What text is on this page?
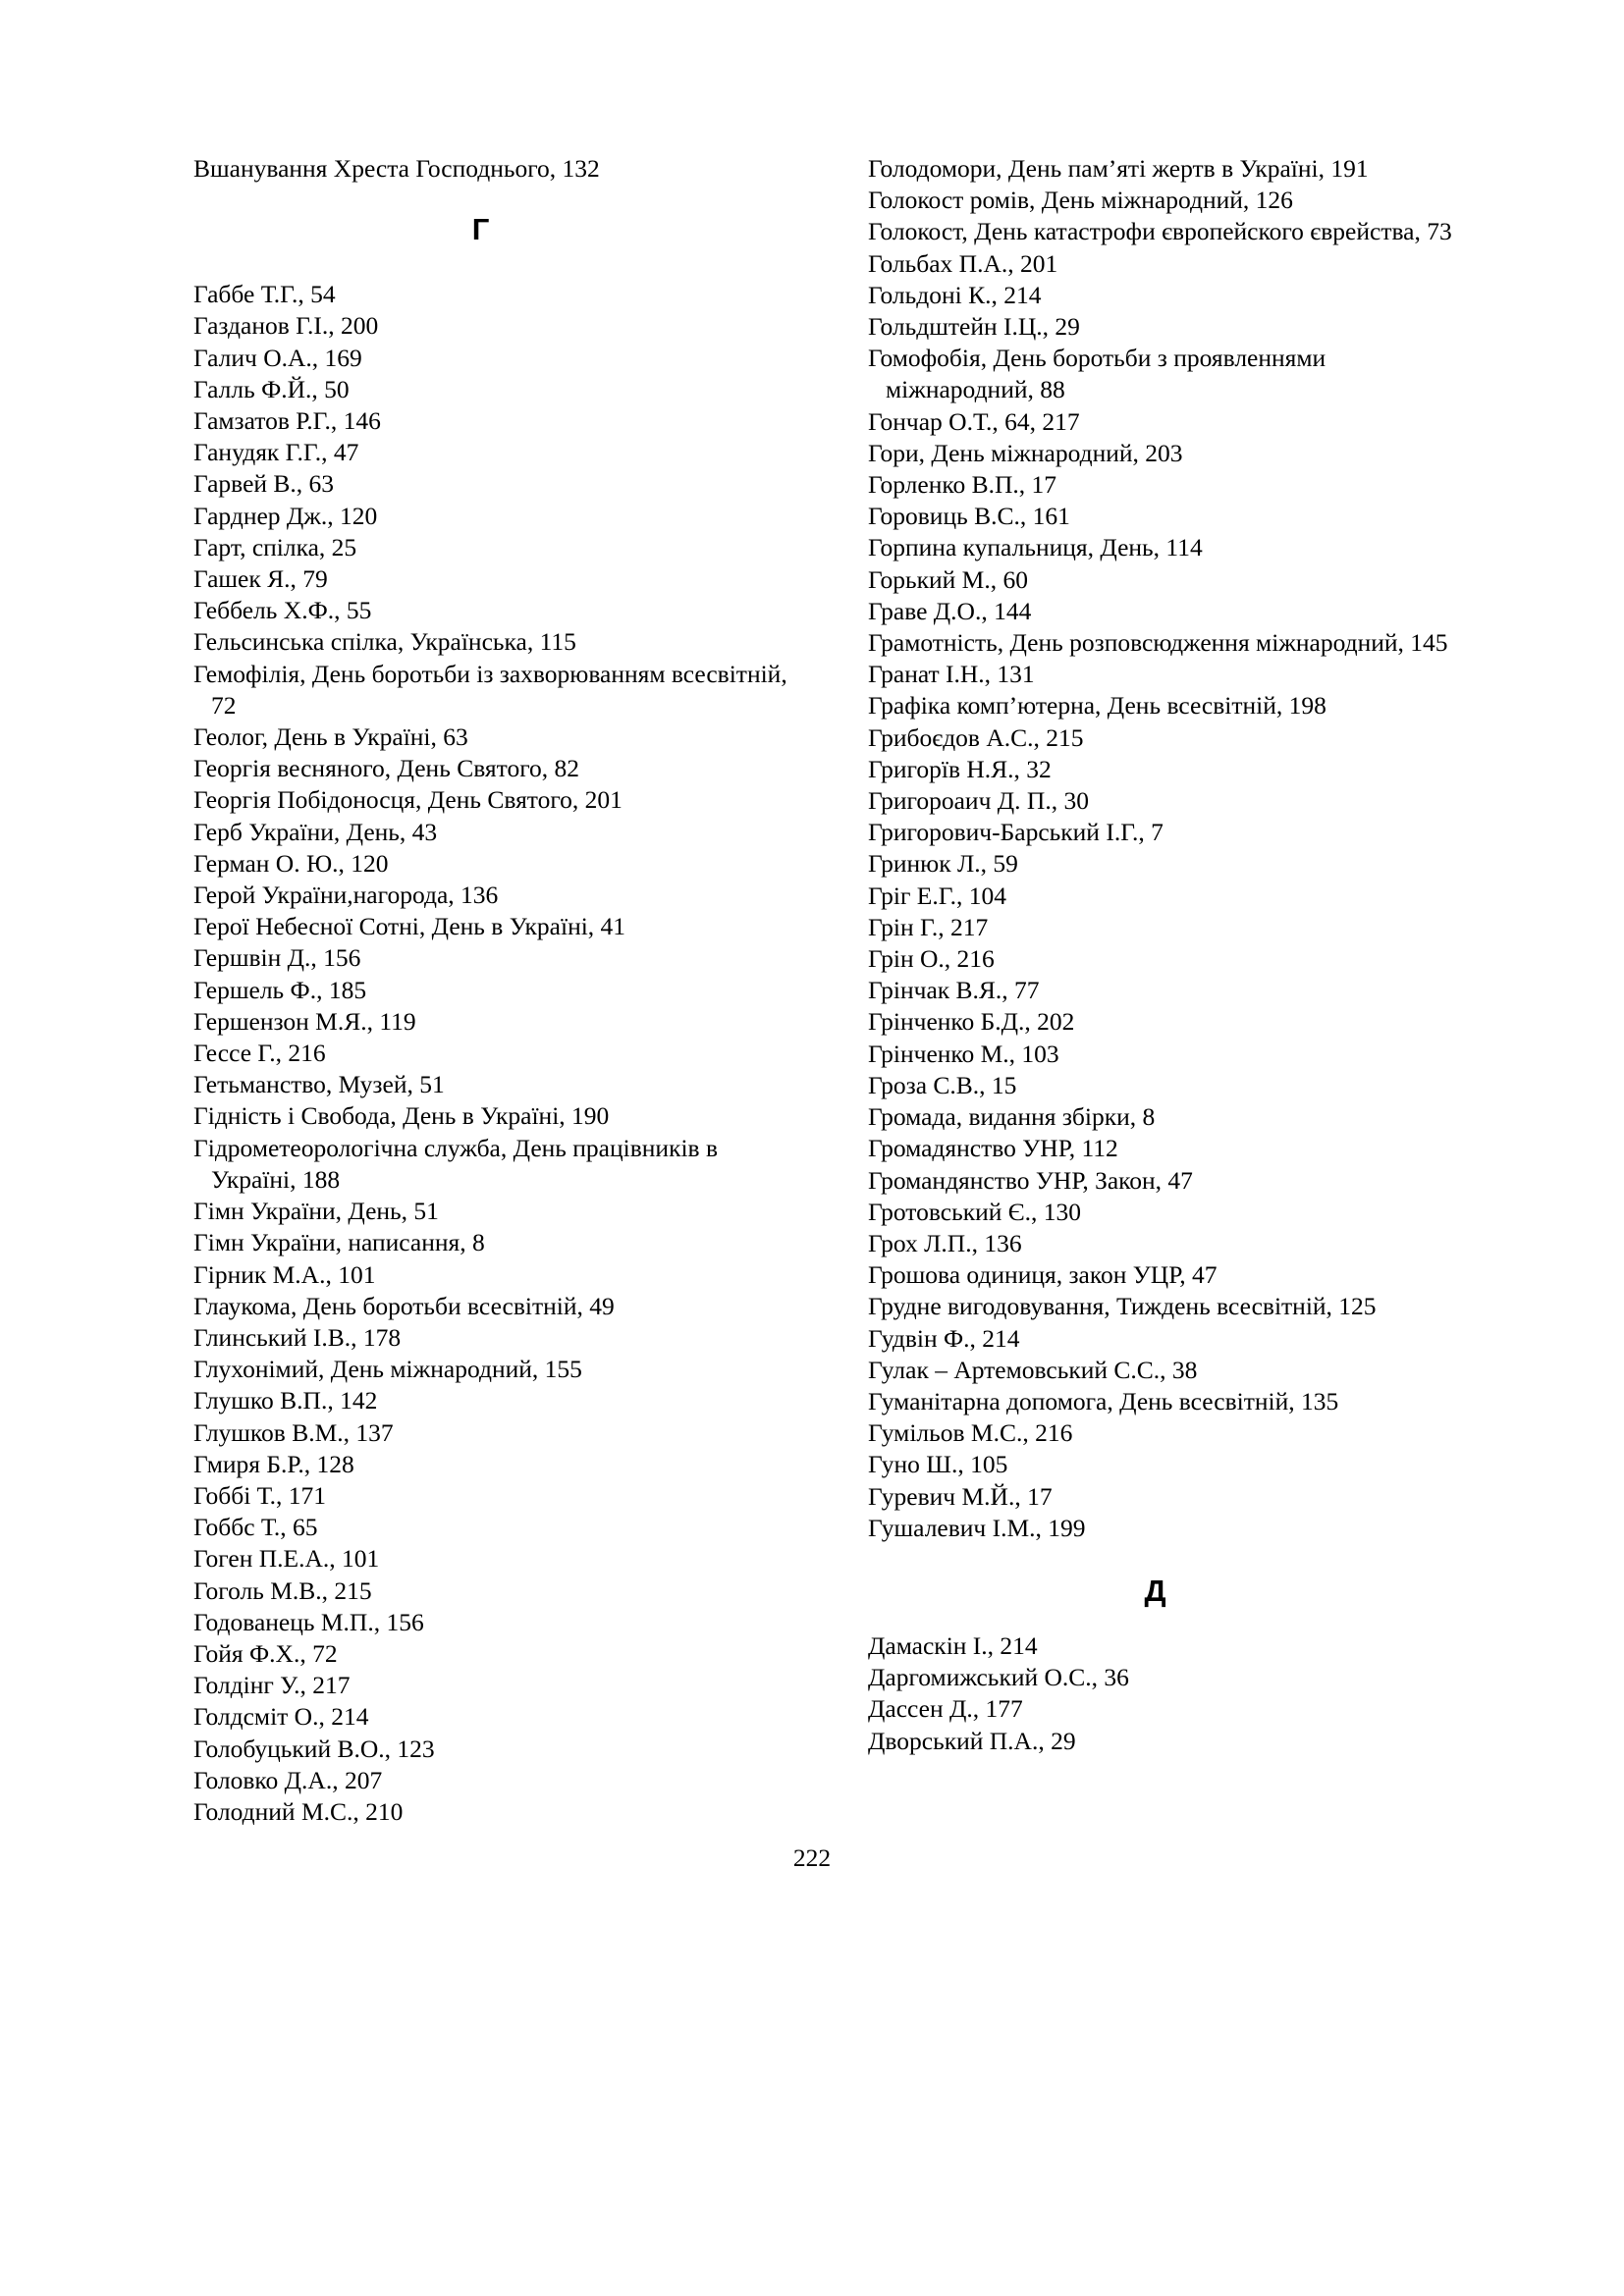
Вшанування Хреста Господнього, 132

Г

Габбе Т.Г., 54

Газданов Г.І., 200

Галич О.А., 169

Галль Ф.Й., 50

Гамзатов Р.Г., 146

Ганудяк Г.Г., 47

Гарвей В., 63

Гарднер Дж., 120

Гарт, спілка, 25

Гашек Я., 79

Геббель Х.Ф., 55

Гельсинська спілка, Українська, 115

Гемофілія, День боротьби із захворюванням всесвітній, 72

Геолог, День в Україні, 63

Георгія весняного, День Святого, 82

Георгія Побідоносця, День Святого, 201

Герб України, День, 43

Герман О. Ю., 120

Герой України,нагорода, 136

Герої Небесної Сотні, День в Україні, 41

Гершвін Д., 156

Гершель Ф., 185

Гершензон М.Я., 119

Гессе Г., 216

Гетьманство, Музей, 51

Гідність і Свобода, День в Україні, 190

Гідрометеорологічна служба, День працівників в Україні, 188

Гімн України, День, 51

Гімн України, написання, 8

Гірник М.А., 101

Глаукома, День боротьби всесвітній, 49

Глинський І.В., 178

Глухонімий, День міжнародний, 155

Глушко В.П., 142

Глушков В.М., 137

Гмиря Б.Р., 128

Гоббі Т., 171

Гоббс Т., 65

Гоген П.Е.А., 101

Гоголь М.В., 215

Годованець М.П., 156

Гойя Ф.Х., 72

Голдінг У., 217

Голдсміт О., 214

Голобуцький В.О., 123

Головко Д.А., 207

Голодний М.С., 210

Голодомори, День пам’яті жертв в Україні, 191

Голокост ромів, День міжнародний, 126

Голокост, День катастрофи європейского єврейства, 73

Гольбах П.А., 201

Гольдоні К., 214

Гольдштейн І.Ц., 29

Гомофобія, День боротьби з проявленнями міжнародний, 88

Гончар О.Т., 64, 217

Гори, День міжнародний, 203

Горленко В.П., 17

Горовиць В.С., 161

Горпина купальниця, День, 114

Горький М., 60

Граве Д.О., 144

Грамотність, День розповсюдження міжнародний, 145

Гранат І.Н., 131

Графіка комп’ютерна, День всесвітній, 198

Грибоєдов А.С., 215

Григорїв Н.Я., 32

Григороаич Д. П., 30

Григорович-Барський І.Г., 7

Гринюк Л., 59

Гріг Е.Г., 104

Грін Г., 217

Грін О., 216

Грінчак В.Я., 77

Грінченко Б.Д., 202

Грінченко М., 103

Гроза С.В., 15

Громада, видання збірки, 8

Громадянство УНР, 112

Громандянство УНР, Закон, 47

Гротовський Є., 130

Грох Л.П., 136

Грошова одиниця, закон УЦР, 47

Грудне вигодовування, Тиждень всесвітній, 125

Гудвін Ф., 214

Гулак – Артемовський С.С., 38

Гуманітарна допомога, День всесвітній, 135

Гумільов М.С., 216

Гуно Ш., 105

Гуревич М.Й., 17

Гушалевич І.М., 199

Д

Дамаскін І., 214

Даргомижський О.С., 36

Дассен Д., 177

Дворський П.А., 29

222
